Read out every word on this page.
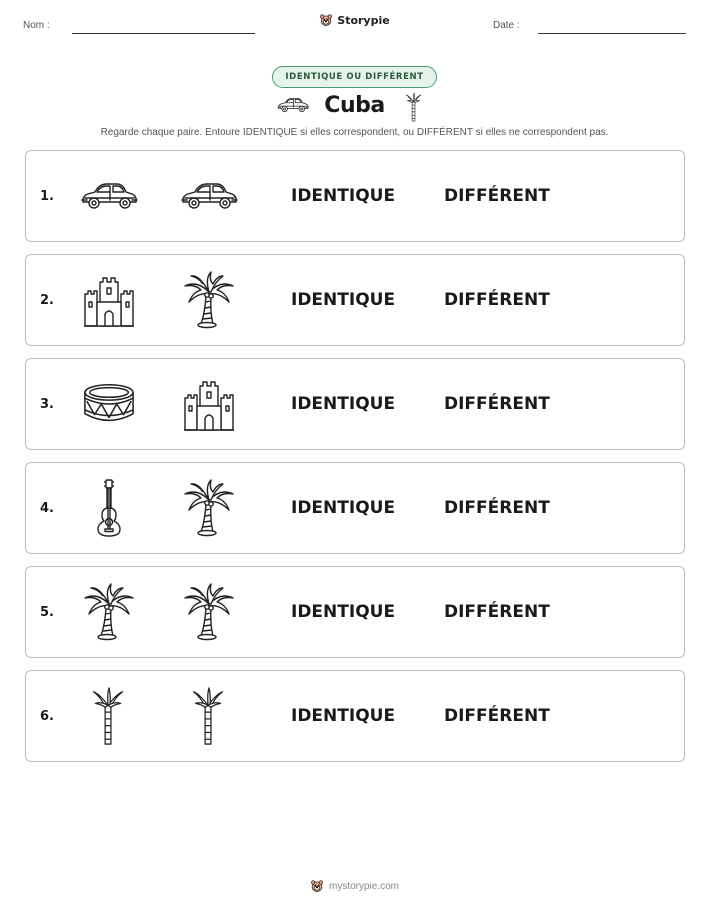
Nom :	Storypie	Date :
IDENTIQUE OU DIFFÉRENT
Cuba
Regarde chaque paire. Entoure IDENTIQUE si elles correspondent, ou DIFFÉRENT si elles ne correspondent pas.
1.	IDENTIQUE	DIFFÉRENT
2.	IDENTIQUE	DIFFÉRENT
3.	IDENTIQUE	DIFFÉRENT
4.	IDENTIQUE	DIFFÉRENT
5.	IDENTIQUE	DIFFÉRENT
6.	IDENTIQUE	DIFFÉRENT
mystorypie.com
